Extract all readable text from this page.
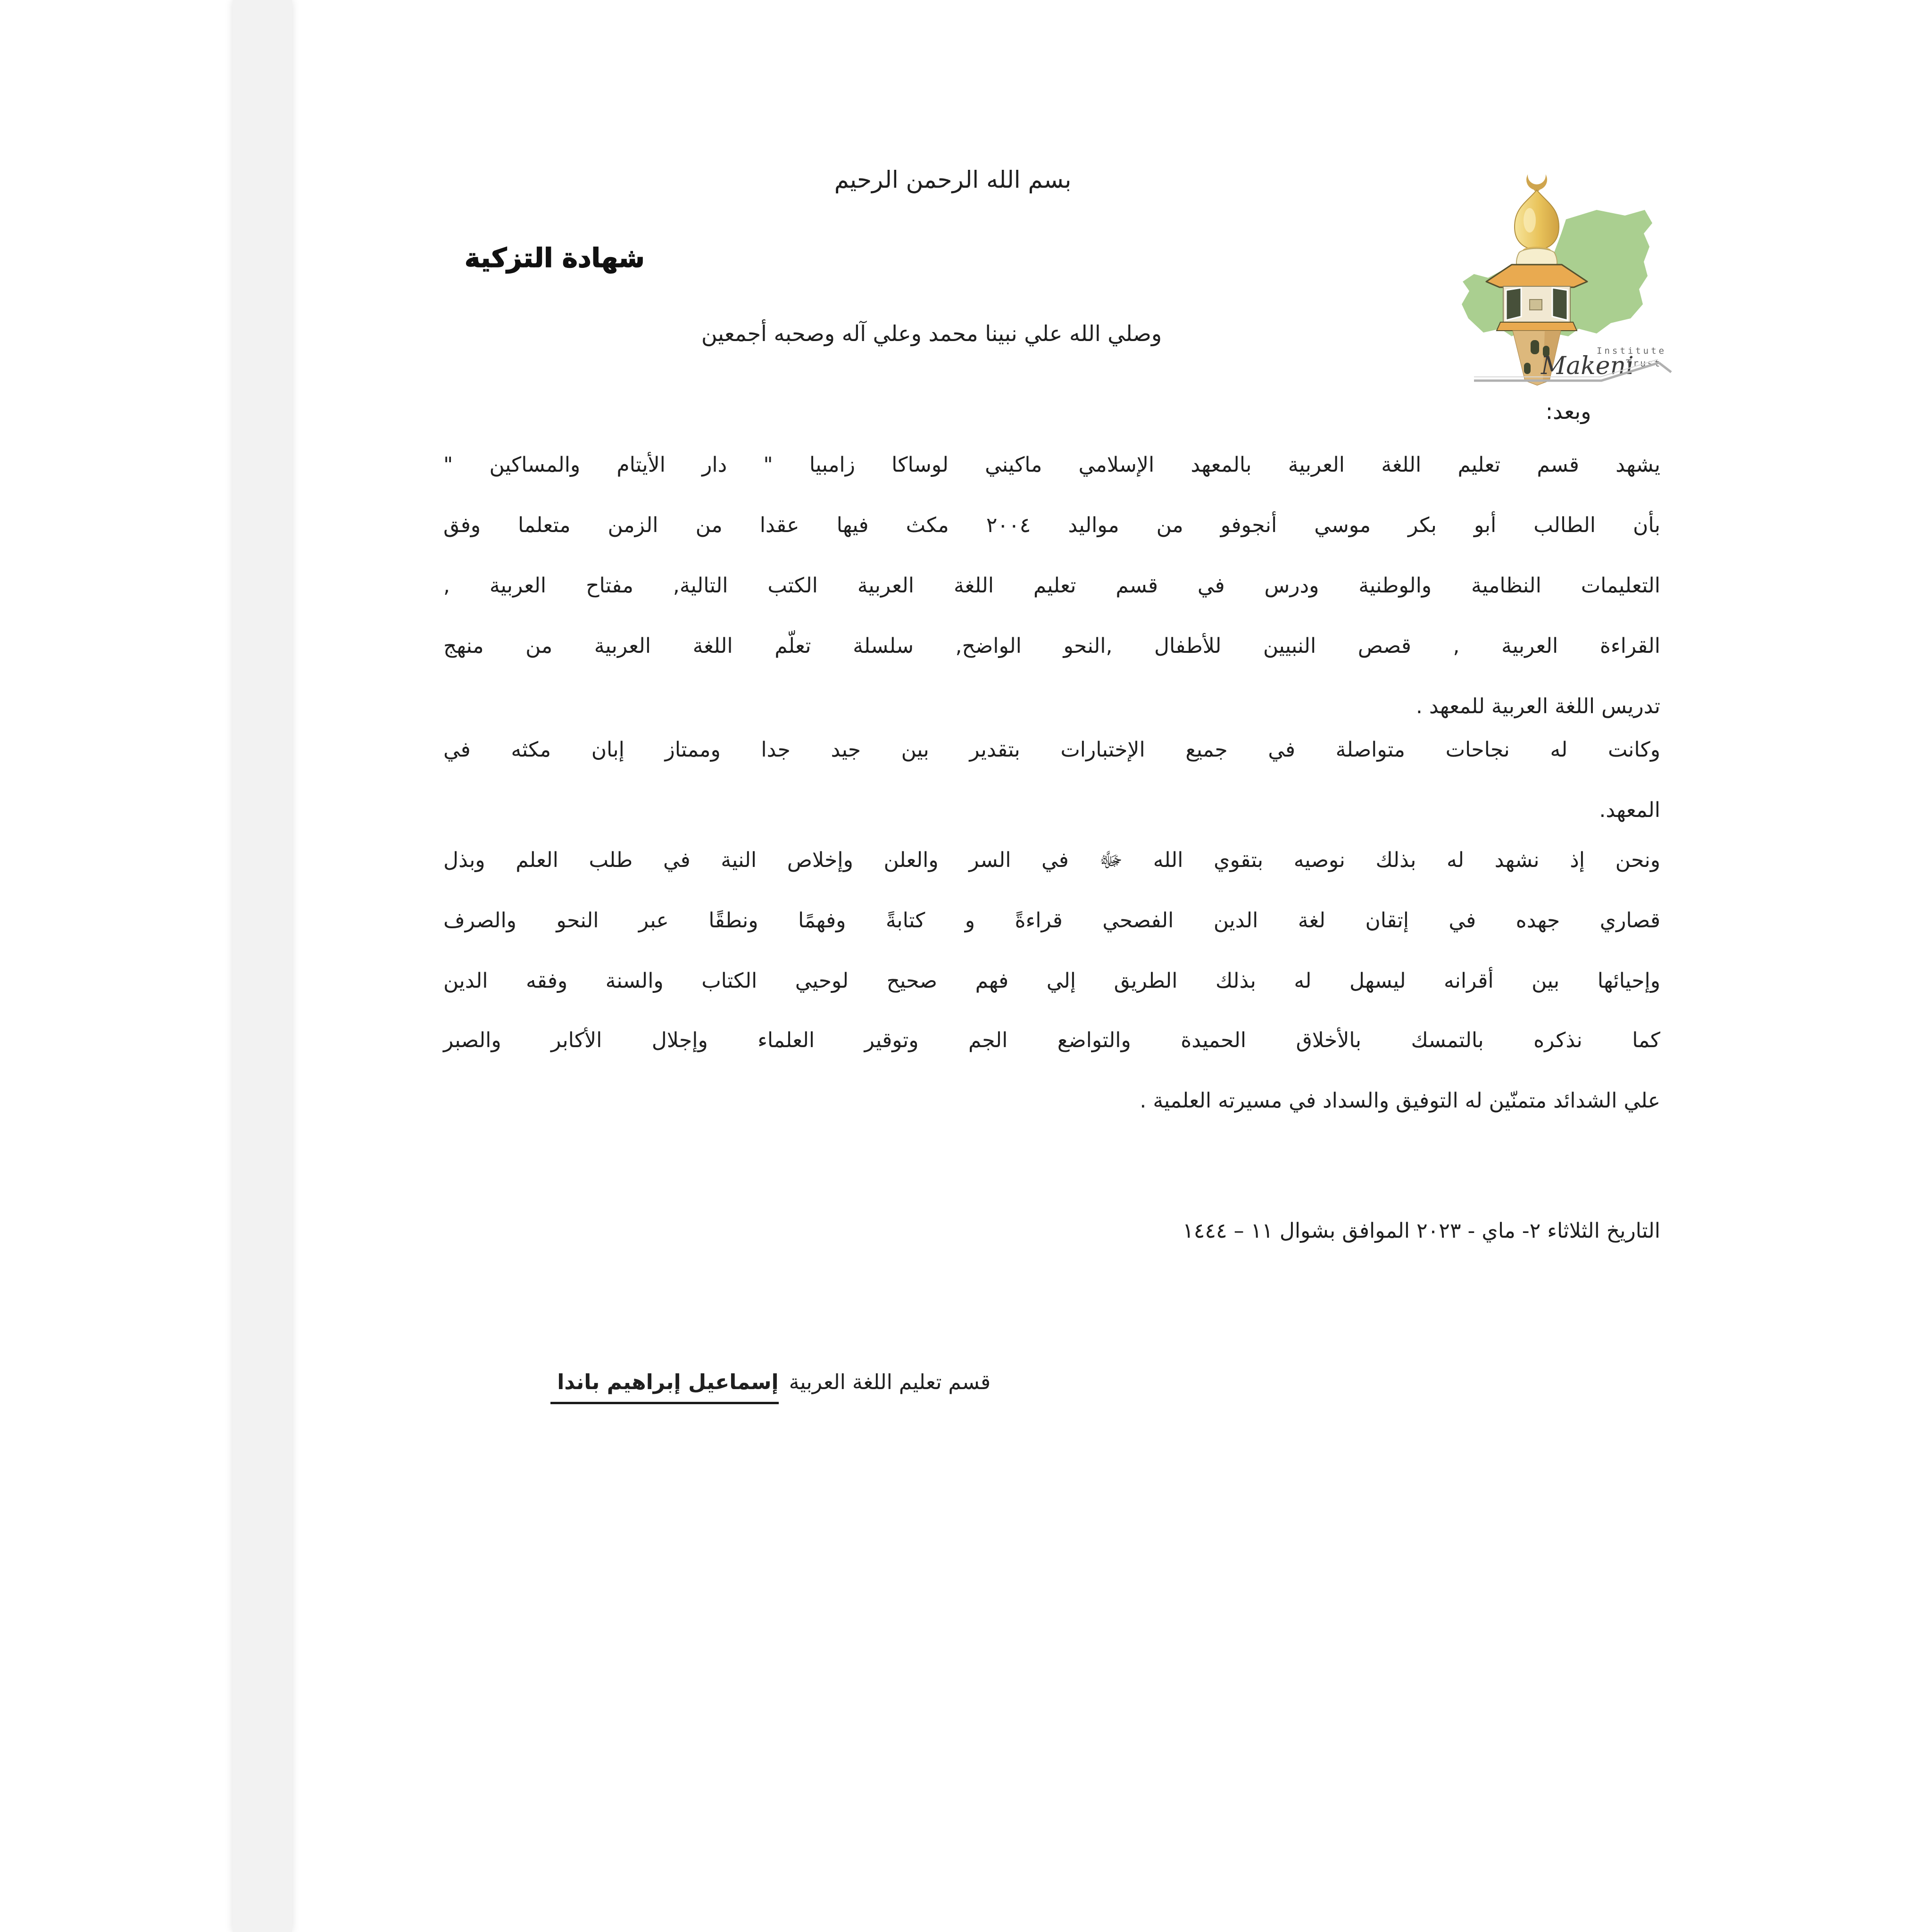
بسم الله الرحمن الرحيم
شهادة التزكية
وصلي الله علي نبينا محمد وعلي آله وصحبه أجمعين
وبعد:
Institute
Makeni
Trust
يشهد قسم تعليم اللغة العربية بالمعهد الإسلامي ماكيني لوساكا زامبيا " دار الأيتام والمساكين "
بأن الطالب أبو بكر موسي أنجوفو من مواليد ٢٠٠٤ مكث فيها عقدا من الزمن متعلما وفق
التعليمات النظامية والوطنية ودرس في قسم تعليم اللغة العربية الكتب التالية, مفتاح العربية ,
القراءة العربية , قصص النبيين للأطفال ,النحو الواضح, سلسلة تعلّم اللغة العربية من منهج
تدريس اللغة العربية للمعهد .
وكانت له نجاحات متواصلة في جميع الإختبارات بتقدير بين جيد جدا وممتاز إبان مكثه في
المعهد.
ونحن إذ نشهد له بذلك نوصيه بتقوي الله ﷻ في السر والعلن وإخلاص النية في طلب العلم وبذل
قصاري جهده في إتقان لغة الدين الفصحي قراءةً و كتابةً وفهمًا ونطقًا عبر النحو والصرف
وإحيائها بين أقرانه ليسهل له بذلك الطريق إلي فهم صحيح لوحيي الكتاب والسنة وفقه الدين
كما نذكره بالتمسك بالأخلاق الحميدة والتواضع الجم وتوقير العلماء وإجلال الأكابر والصبر
علي الشدائد متمنّين له التوفيق والسداد في مسيرته العلمية .
التاريخ الثلاثاء ٢- ماي - ٢٠٢٣ الموافق بشوال ١١ – ١٤٤٤
قسم تعليم اللغة العربية
إسماعيل إبراهيم باندا
